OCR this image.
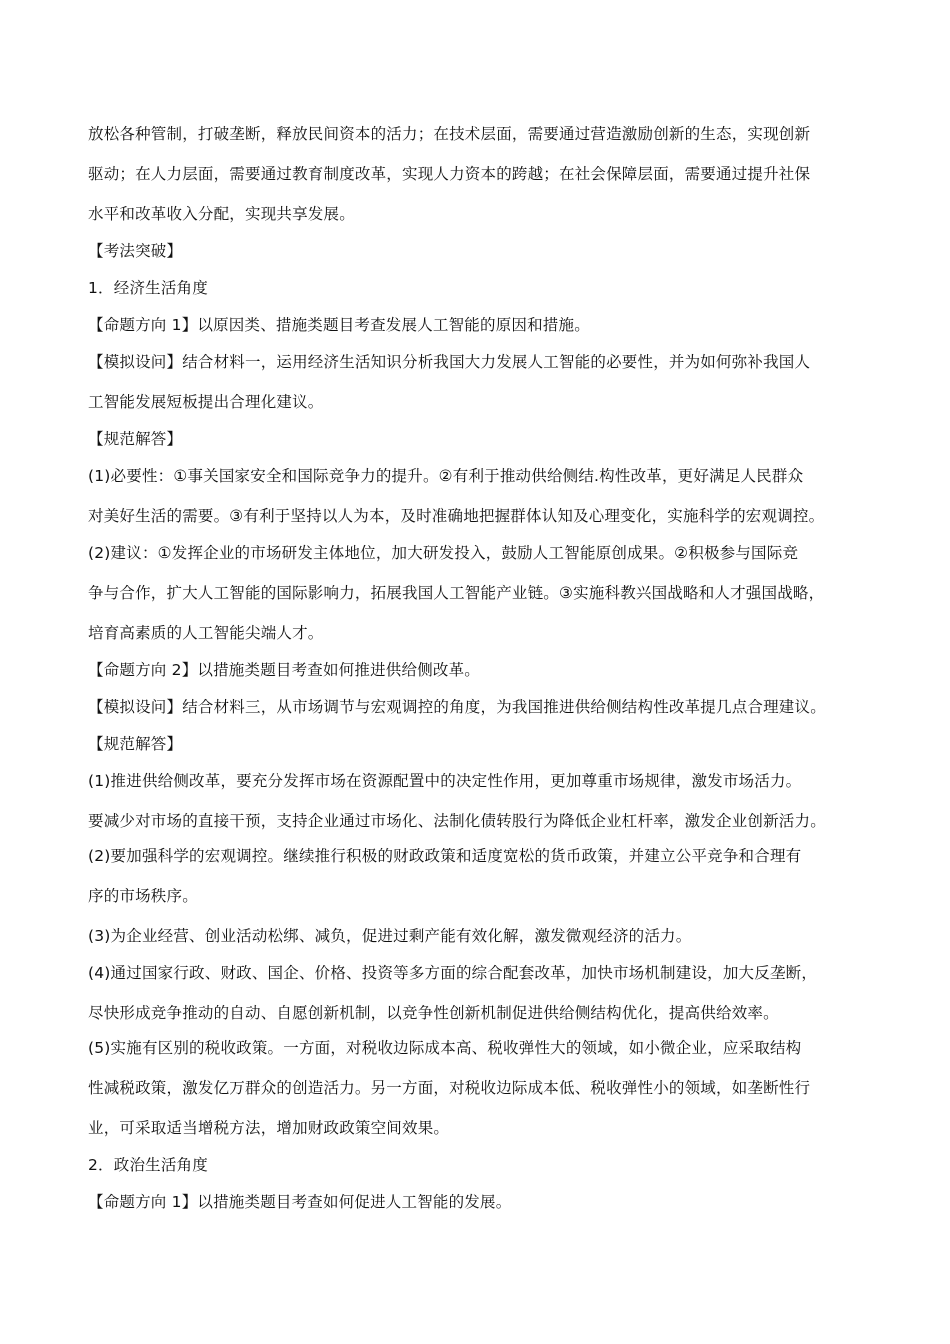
放松各种管制，打破垄断，释放民间资本的活力；在技术层面，需要通过营造激励创新的生态，实现创新
驱动；在人力层面，需要通过教育制度改革，实现人力资本的跨越；在社会保障层面，需要通过提升社保
水平和改革收入分配，实现共享发展。
【考法突破】
1．经济生活角度
【命题方向 1】以原因类、措施类题目考查发展人工智能的原因和措施。
【模拟设问】结合材料一，运用经济生活知识分析我国大力发展人工智能的必要性，并为如何弥补我国人
工智能发展短板提出合理化建议。
【规范解答】
(1)必要性：①事关国家安全和国际竞争力的提升。②有利于推动供给侧结.构性改革，更好满足人民群众
对美好生活的需要。③有利于坚持以人为本，及时准确地把握群体认知及心理变化，实施科学的宏观调控。
(2)建议：①发挥企业的市场研发主体地位，加大研发投入，鼓励人工智能原创成果。②积极参与国际竞
争与合作，扩大人工智能的国际影响力，拓展我国人工智能产业链。③实施科教兴国战略和人才强国战略，
培育高素质的人工智能尖端人才。
【命题方向 2】以措施类题目考查如何推进供给侧改革。
【模拟设问】结合材料三，从市场调节与宏观调控的角度，为我国推进供给侧结构性改革提几点合理建议。
【规范解答】
(1)推进供给侧改革，要充分发挥市场在资源配置中的决定性作用，更加尊重市场规律，激发市场活力。
要减少对市场的直接干预，支持企业通过市场化、法制化债转股行为降低企业杠杆率，激发企业创新活力。
(2)要加强科学的宏观调控。继续推行积极的财政政策和适度宽松的货币政策，并建立公平竞争和合理有
序的市场秩序。
(3)为企业经营、创业活动松绑、减负，促进过剩产能有效化解，激发微观经济的活力。
(4)通过国家行政、财政、国企、价格、投资等多方面的综合配套改革，加快市场机制建设，加大反垄断，
尽快形成竞争推动的自动、自愿创新机制，以竞争性创新机制促进供给侧结构优化，提高供给效率。
(5)实施有区别的税收政策。一方面，对税收边际成本高、税收弹性大的领域，如小微企业，应采取结构
性减税政策，激发亿万群众的创造活力。另一方面，对税收边际成本低、税收弹性小的领域，如垄断性行
业，可采取适当增税方法，增加财政政策空间效果。
2．政治生活角度
【命题方向 1】以措施类题目考查如何促进人工智能的发展。
